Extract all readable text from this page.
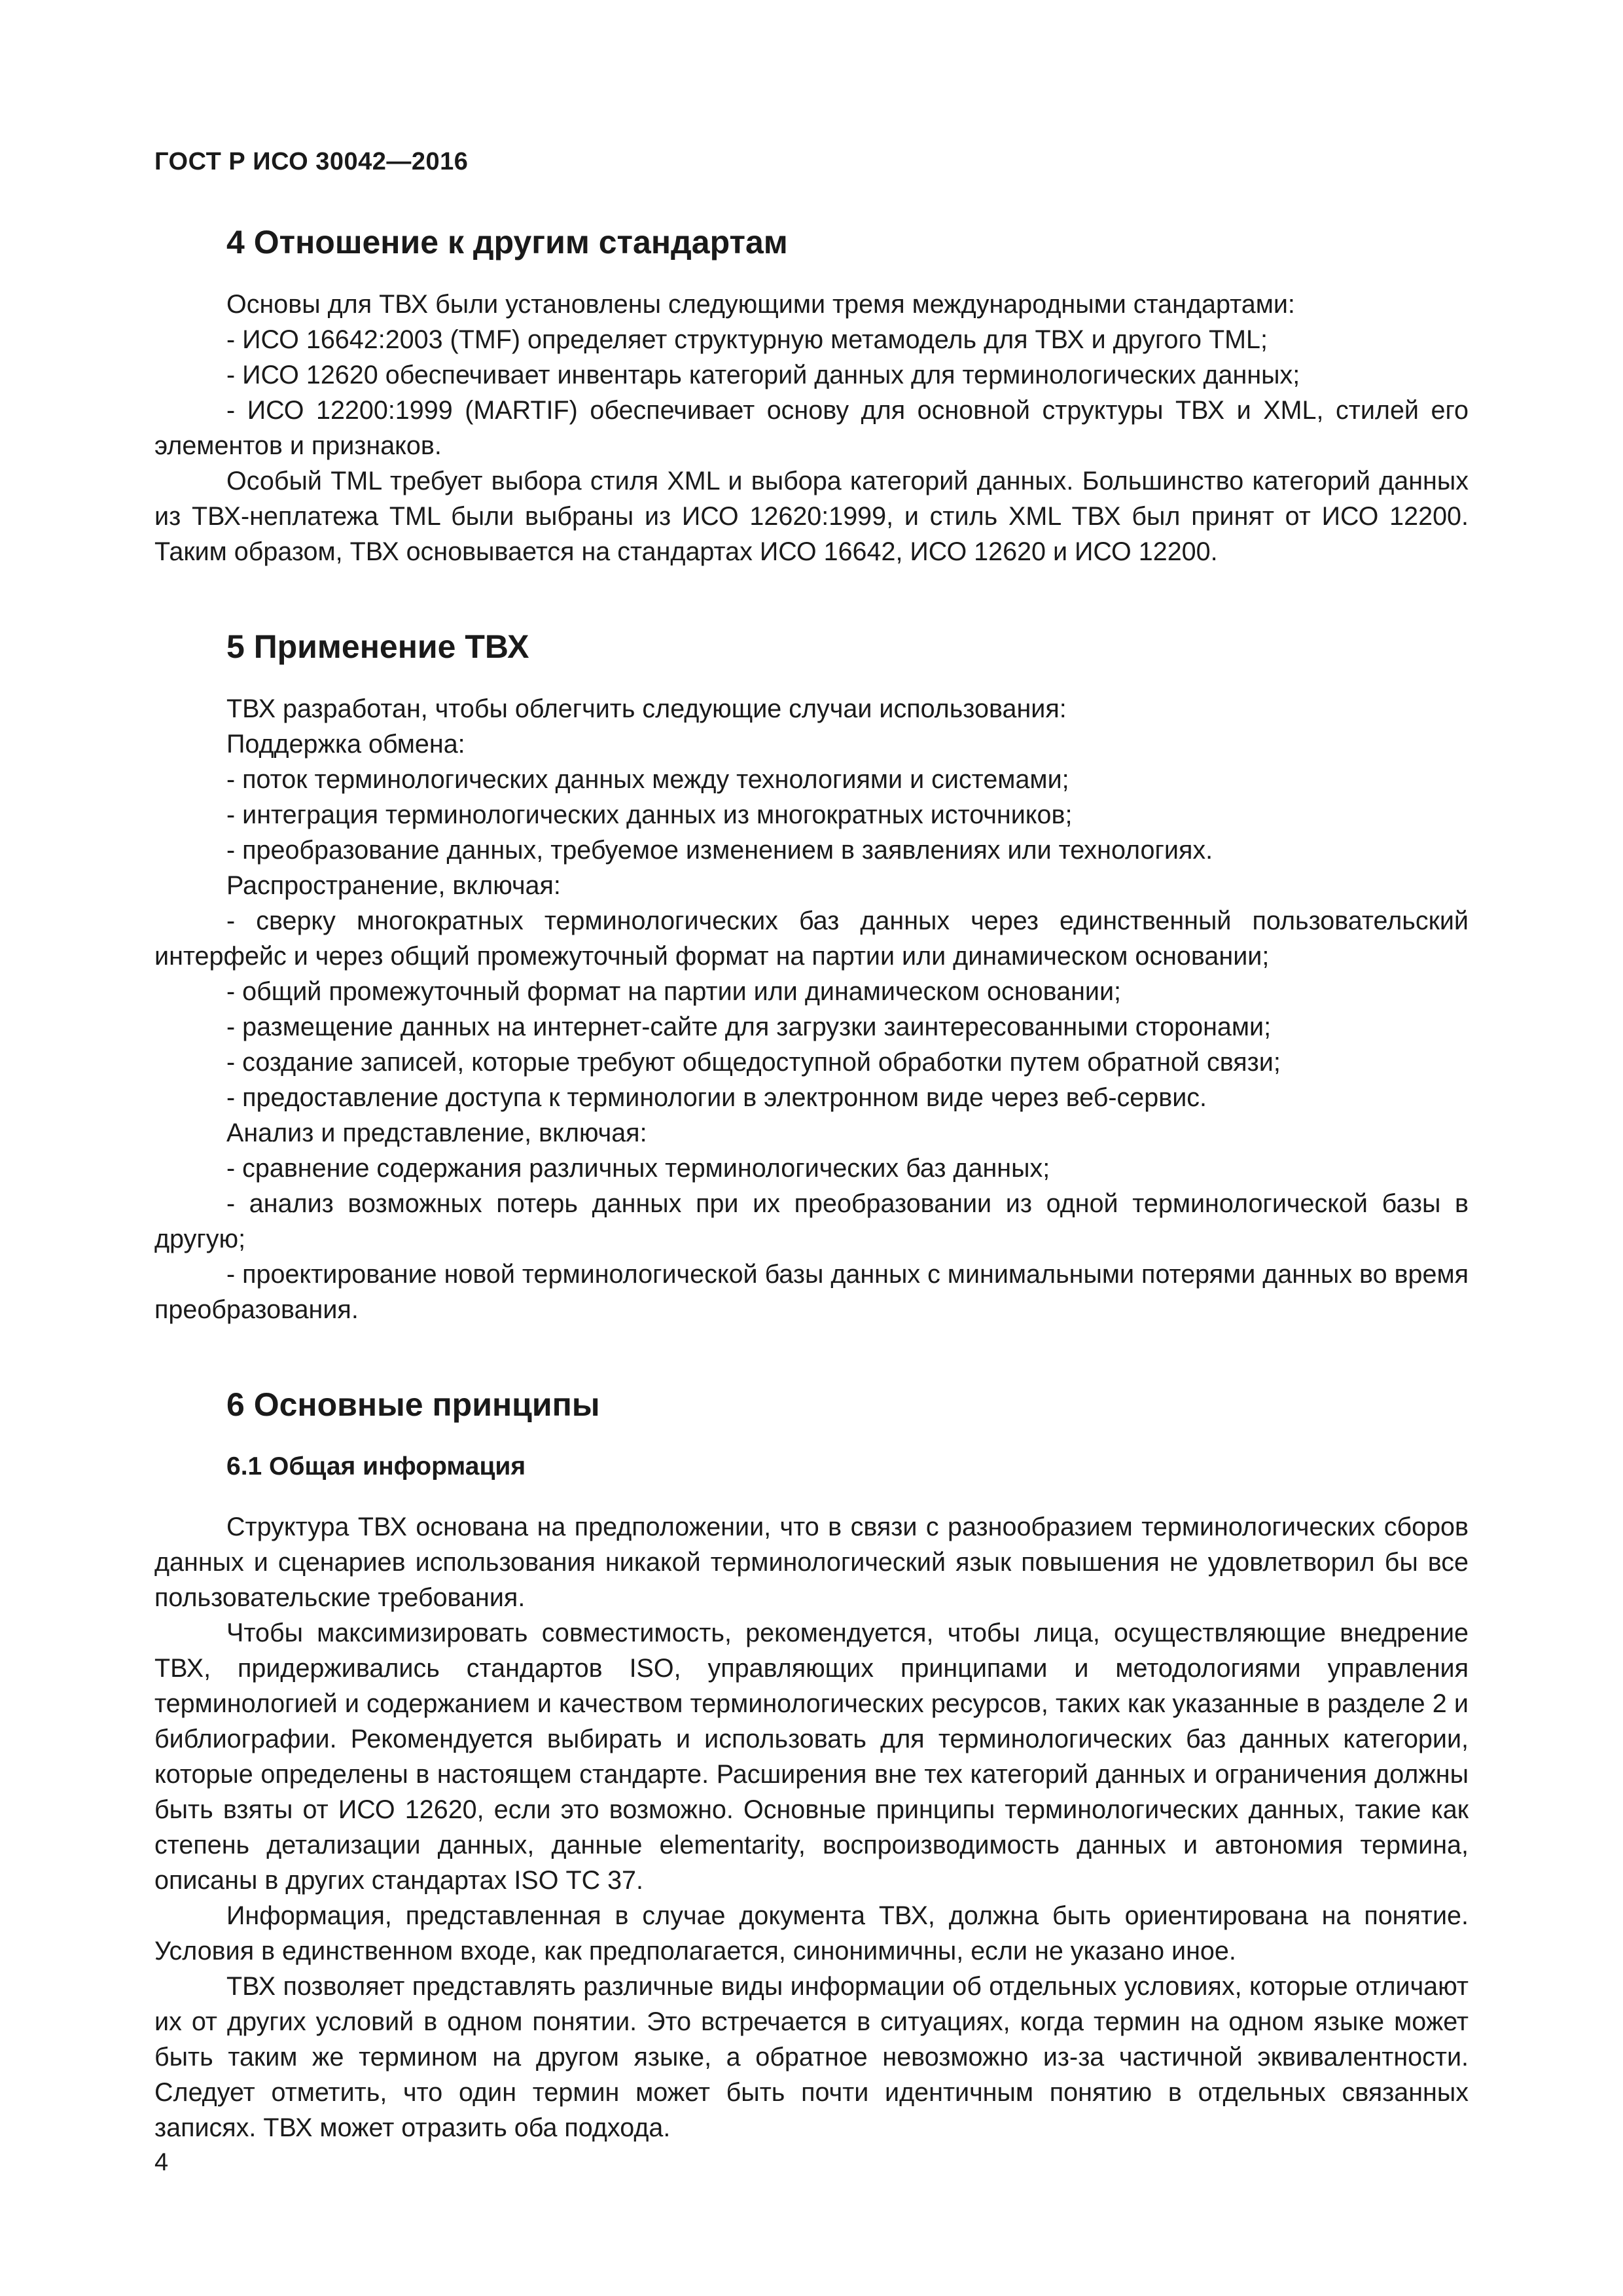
ГОСТ Р ИСО 30042—2016
4 Отношение к другим стандартам

Основы для ТВХ были установлены следующими тремя международными стандартами:

- ИСО 16642:2003 (TMF) определяет структурную метамодель для ТВХ и другого TML;

- ИСО 12620 обеспечивает инвентарь категорий данных для терминологических данных;

- ИСО 12200:1999 (MARTIF) обеспечивает основу для основной структуры ТВХ и XML, стилей его элементов и признаков.

Особый TML требует выбора стиля XML и выбора категорий данных. Большинство категорий данных из ТВХ-неплатежа TML были выбраны из ИСО 12620:1999, и стиль XML ТВХ был принят от ИСО 12200. Таким образом, ТВХ основывается на стандартах ИСО 16642, ИСО 12620 и ИСО 12200.

5 Применение ТВХ

ТВХ разработан, чтобы облегчить следующие случаи использования:

Поддержка обмена:

- поток терминологических данных между технологиями и системами;

- интеграция терминологических данных из многократных источников;

- преобразование данных, требуемое изменением в заявлениях или технологиях.

Распространение, включая:

- сверку многократных терминологических баз данных через единственный пользовательский интерфейс и через общий промежуточный формат на партии или динамическом основании;

- общий промежуточный формат на партии или динамическом основании;

- размещение данных на интернет-сайте для загрузки заинтересованными сторонами;

- создание записей, которые требуют общедоступной обработки путем обратной связи;

- предоставление доступа к терминологии в электронном виде через веб-сервис.

Анализ и представление, включая:

- сравнение содержания различных терминологических баз данных;

- анализ возможных потерь данных при их преобразовании из одной терминологической базы в другую;

- проектирование новой терминологической базы данных с минимальными потерями данных во время преобразования.

6 Основные принципы
6.1 Общая информация

Структура ТВХ основана на предположении, что в связи с разнообразием терминологических сборов данных и сценариев использования никакой терминологический язык повышения не удовлетворил бы все пользовательские требования.

Чтобы максимизировать совместимость, рекомендуется, чтобы лица, осуществляющие внедрение ТВХ, придерживались стандартов ISO, управляющих принципами и методологиями управления терминологией и содержанием и качеством терминологических ресурсов, таких как указанные в разделе 2 и библиографии. Рекомендуется выбирать и использовать для терминологических баз данных категории, которые определены в настоящем стандарте. Расширения вне тех категорий данных и ограничения должны быть взяты от ИСО 12620, если это возможно. Основные принципы терминологических данных, такие как степень детализации данных, данные elementarity, воспроизводимость данных и автономия термина, описаны в других стандартах ISO ТС 37.

Информация, представленная в случае документа ТВХ, должна быть ориентирована на понятие. Условия в единственном входе, как предполагается, синонимичны, если не указано иное.

ТВХ позволяет представлять различные виды информации об отдельных условиях, которые отличают их от других условий в одном понятии. Это встречается в ситуациях, когда термин на одном языке может быть таким же термином на другом языке, а обратное невозможно из-за частичной эквивалентности. Следует отметить, что один термин может быть почти идентичным понятию в отдельных связанных записях. ТВХ может отразить оба подхода.

4
